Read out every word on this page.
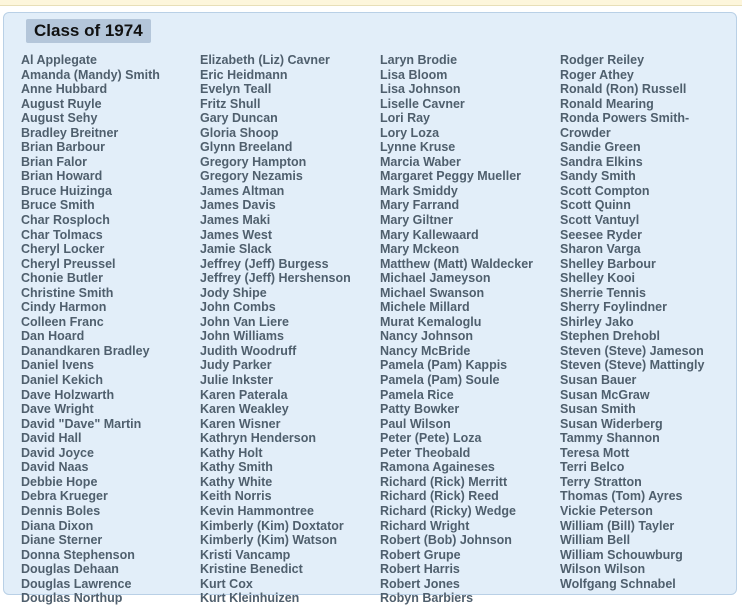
Class of 1974
Al Applegate
Amanda (Mandy) Smith
Anne Hubbard
August Ruyle
August Sehy
Bradley Breitner
Brian Barbour
Brian Falor
Brian Howard
Bruce Huizinga
Bruce Smith
Char Rosploch
Char Tolmacs
Cheryl Locker
Cheryl Preussel
Chonie Butler
Christine Smith
Cindy Harmon
Colleen Franc
Dan Hoard
Danandkaren Bradley
Daniel Ivens
Daniel Kekich
Dave Holzwarth
Dave Wright
David "Dave" Martin
David Hall
David Joyce
David Naas
Debbie Hope
Debra Krueger
Dennis Boles
Diana Dixon
Diane Sterner
Donna Stephenson
Douglas Dehaan
Douglas Lawrence
Douglas Northup
Elizabeth (Liz) Cavner
Eric Heidmann
Evelyn Teall
Fritz Shull
Gary Duncan
Gloria Shoop
Glynn Breeland
Gregory Hampton
Gregory Nezamis
James Altman
James Davis
James Maki
James West
Jamie Slack
Jeffrey (Jeff) Burgess
Jeffrey (Jeff) Hershenson
Jody Shipe
John Combs
John Van Liere
John Williams
Judith Woodruff
Judy Parker
Julie Inkster
Karen Paterala
Karen Weakley
Karen Wisner
Kathryn Henderson
Kathy Holt
Kathy Smith
Kathy White
Keith Norris
Kevin Hammontree
Kimberly (Kim) Doxtator
Kimberly (Kim) Watson
Kristi Vancamp
Kristine Benedict
Kurt Cox
Kurt Kleinhuizen
Laryn Brodie
Lisa Bloom
Lisa Johnson
Liselle Cavner
Lori Ray
Lory Loza
Lynne Kruse
Marcia Waber
Margaret Peggy Mueller
Mark Smiddy
Mary Farrand
Mary Giltner
Mary Kallewaard
Mary Mckeon
Matthew (Matt) Waldecker
Michael Jameyson
Michael Swanson
Michele Millard
Murat Kemaloglu
Nancy Johnson
Nancy McBride
Pamela (Pam) Kappis
Pamela (Pam) Soule
Pamela Rice
Patty Bowker
Paul Wilson
Peter (Pete) Loza
Peter Theobald
Ramona Againeses
Richard (Rick) Merritt
Richard (Rick) Reed
Richard (Ricky) Wedge
Richard Wright
Robert (Bob) Johnson
Robert Grupe
Robert Harris
Robert Jones
Robyn Barbiers
Rodger Reiley
Roger Athey
Ronald (Ron) Russell
Ronald Mearing
Ronda Powers Smith-
Crowder
Sandie Green
Sandra Elkins
Sandy Smith
Scott Compton
Scott Quinn
Scott Vantuyl
Seesee Ryder
Sharon Varga
Shelley Barbour
Shelley Kooi
Sherrie Tennis
Sherry Foylindner
Shirley Jako
Stephen Drehobl
Steven (Steve) Jameson
Steven (Steve) Mattingly
Susan Bauer
Susan McGraw
Susan Smith
Susan Widerberg
Tammy Shannon
Teresa Mott
Terri Belco
Terry Stratton
Thomas (Tom) Ayres
Vickie Peterson
William (Bill) Tayler
William Bell
William Schouwburg
Wilson Wilson
Wolfgang Schnabel
